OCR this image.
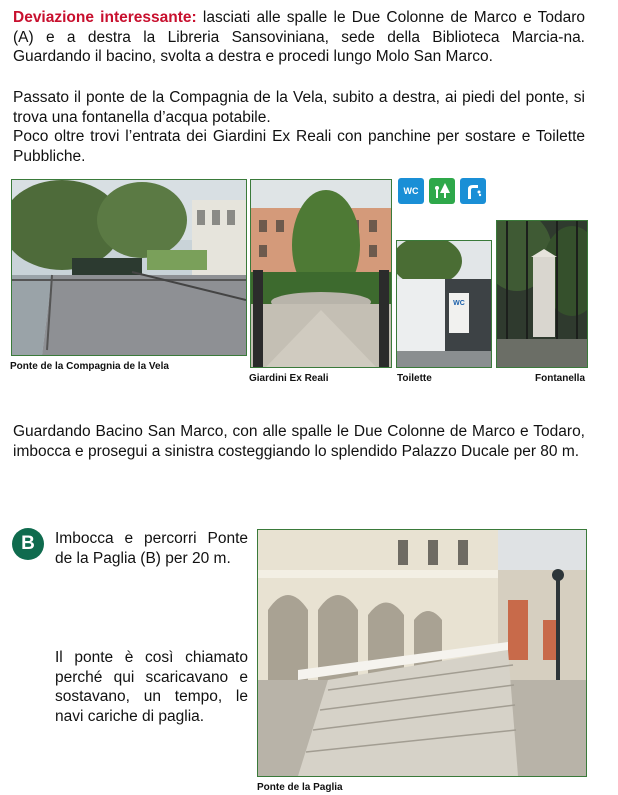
Deviazione interessante: lasciati alle spalle le Due Colonne de Marco e Todaro (A) e a destra la Libreria Sansoviniana, sede della Biblioteca Marcia-na. Guardando il bacino, svolta a destra e procedi lungo Molo San Marco.

Passato il ponte de la Compagnia de la Vela, subito a destra, ai piedi del ponte, si trova una fontanella d’acqua potabile.

Poco oltre trovi l’entrata dei Giardini Ex Reali con panchine per sostare e Toilette Pubbliche.

WC

Ponte de la Compagnia de la Vela

Giardini Ex Reali

WC

Toilette	Fontanella

Guardando Bacino San Marco, con alle spalle le Due Colonne de Marco e Todaro, imbocca e prosegui a sinistra costeggiando lo splendido Palazzo Ducale per 80 m.

B	Imbocca e percorri Ponte de la Paglia (B) per 20 m.

Il ponte è così chiamato perché qui scaricavano e sostavano, un tempo, le navi cariche di paglia.

Ponte de la Paglia
